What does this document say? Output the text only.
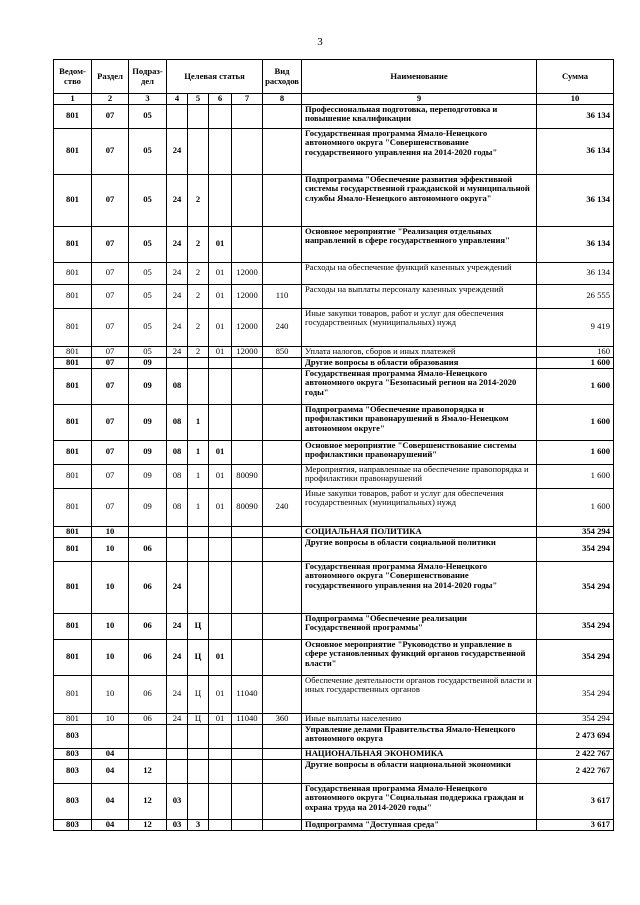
3
Ведом-ство	Раздел	Подраз-дел	Целевая статья				Вид расходов	Наименование	Сумма
1	2	3	4	5	6	7	8	9	10
801	07	05						Профессиональная подготовка, переподготовка и повышение квалификации	36 134
801	07	05	24					Государственная программа Ямало-Ненецкого автономного округа "Совершенствование государственного управления на 2014-2020 годы"	36 134
801	07	05	24	2				Подпрограмма "Обеспечение развития эффективной системы государственной гражданской и муниципальной службы Ямало-Ненецкого автономного округа"	36 134
801	07	05	24	2	01			Основное мероприятие "Реализация отдельных направлений в сфере государственного управления"	36 134
801	07	05	24	2	01	12000		Расходы на обеспечение функций казенных учреждений	36 134
801	07	05	24	2	01	12000	110	Расходы на выплаты персоналу казенных учреждений	26 555
801	07	05	24	2	01	12000	240	Иные закупки товаров, работ и услуг для обеспечения государственных (муниципальных) нужд	9 419
801	07	05	24	2	01	12000	850	Уплата налогов, сборов и иных платежей	160
801	07	09						Другие вопросы в области образования	1 600
801	07	09	08					Государственная программа Ямало-Ненецкого автономного округа "Безопасный регион на 2014-2020 годы"	1 600
801	07	09	08	1				Подпрограмма "Обеспечение правопорядка и профилактики правонарушений в Ямало-Ненецком автономном округе"	1 600
801	07	09	08	1	01			Основное мероприятие "Совершенствование системы профилактики правонарушений"	1 600
801	07	09	08	1	01	80090		Мероприятия, направленные на обеспечение правопорядка и профилактики правонарушений	1 600
801	07	09	08	1	01	80090	240	Иные закупки товаров, работ и услуг для обеспечения государственных (муниципальных) нужд	1 600
801	10							СОЦИАЛЬНАЯ ПОЛИТИКА	354 294
801	10	06						Другие вопросы в области социальной политики	354 294
801	10	06	24					Государственная программа Ямало-Ненецкого автономного округа "Совершенствование государственного управления на 2014-2020 годы"	354 294
801	10	06	24	Ц				Подпрограмма "Обеспечение реализации Государственной программы"	354 294
801	10	06	24	Ц	01			Основное мероприятие "Руководство и управление в сфере установленных функций органов государственной власти"	354 294
801	10	06	24	Ц	01	11040		Обеспечение деятельности органов государственной власти и иных государственных органов	354 294
801	10	06	24	Ц	01	11040	360	Иные выплаты населению	354 294
803								Управление делами Правительства Ямало-Ненецкого автономного округа	2 473 694
803	04							НАЦИОНАЛЬНАЯ ЭКОНОМИКА	2 422 767
803	04	12						Другие вопросы в области национальной экономики	2 422 767
803	04	12	03					Государственная программа Ямало-Ненецкого автономного округа "Социальная поддержка граждан и охрана труда на 2014-2020 годы"	3 617
803	04	12	03	3				Подпрограмма "Доступная среда"	3 617
